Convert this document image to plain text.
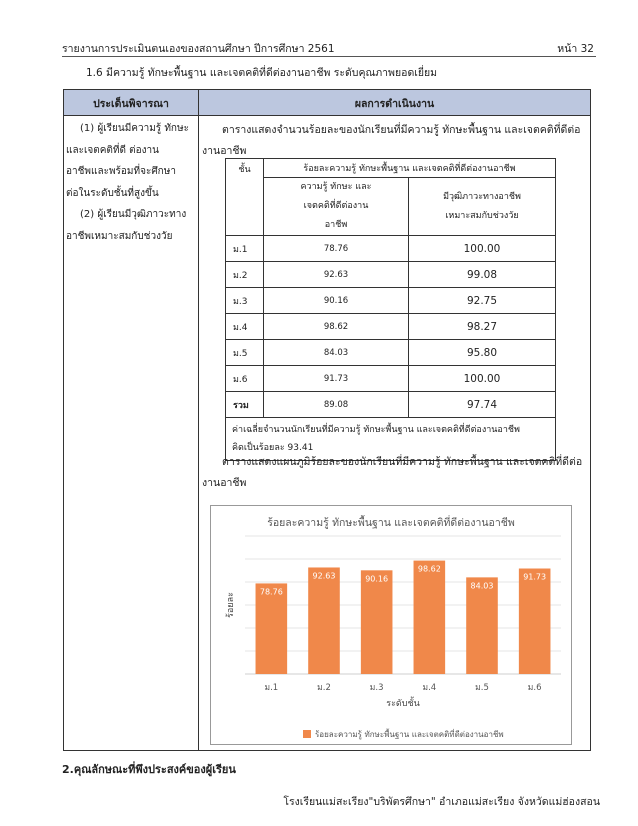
รายงานการประเมินตนเองของสถานศึกษา ปีการศึกษา 2561	หน้า 32
1.6 มีความรู้ ทักษะพื้นฐาน และเจตคติที่ดีต่องานอาชีพ ระดับคุณภาพยอดเยี่ยม
ประเด็นพิจารณา	ผลการดำเนินงาน
(1) ผู้เรียนมีความรู้ ทักษะ
และเจตคติที่ดี ต่องาน
อาชีพและพร้อมที่จะศึกษา
ต่อในระดับชั้นที่สูงขึ้น
(2) ผู้เรียนมีวุฒิภาวะทาง
อาชีพเหมาะสมกับช่วงวัย
ตารางแสดงจำนวนร้อยละของนักเรียนที่มีความรู้ ทักษะพื้นฐาน และเจตคติที่ดีต่องานอาชีพ
ชั้น	ร้อยละความรู้ ทักษะพื้นฐาน และเจตคติที่ดีต่องานอาชีพ	
	ความรู้ ทักษะ และเจตคติที่ดีต่องานอาชีพ	มีวุฒิภาวะทางอาชีพเหมาะสมกับช่วงวัย
ม.1	78.76	100.00
ม.2	92.63	99.08
ม.3	90.16	92.75
ม.4	98.62	98.27
ม.5	84.03	95.80
ม.6	91.73	100.00
รวม	89.08	97.74

ค่าเฉลี่ยจำนวนนักเรียนที่มีความรู้ ทักษะพื้นฐาน และเจตคติที่ดีต่องานอาชีพ
คิดเป็นร้อยละ 93.41		
ตารางแสดงแผนภูมิร้อยละของนักเรียนที่มีความรู้ ทักษะพื้นฐาน และเจตคติที่ดีต่องานอาชีพ
ร้อยละความรู้ ทักษะพื้นฐาน และเจตคติที่ดีต่องานอาชีพ
78.76
92.63	90.16
98.62
84.03
91.73
ม.1	ม.2	ม.3	ม.4	ม.5	ม.6
ร้อยละ
ระดับชั้น
ร้อยละความรู้ ทักษะพื้นฐาน และเจตคติที่ดีต่องานอาชีพ
2.คุณลักษณะที่พึงประสงค์ของผู้เรียน
โรงเรียนแม่สะเรียง"บริพัตรศึกษา" อำเภอแม่สะเรียง จังหวัดแม่ฮ่องสอน
